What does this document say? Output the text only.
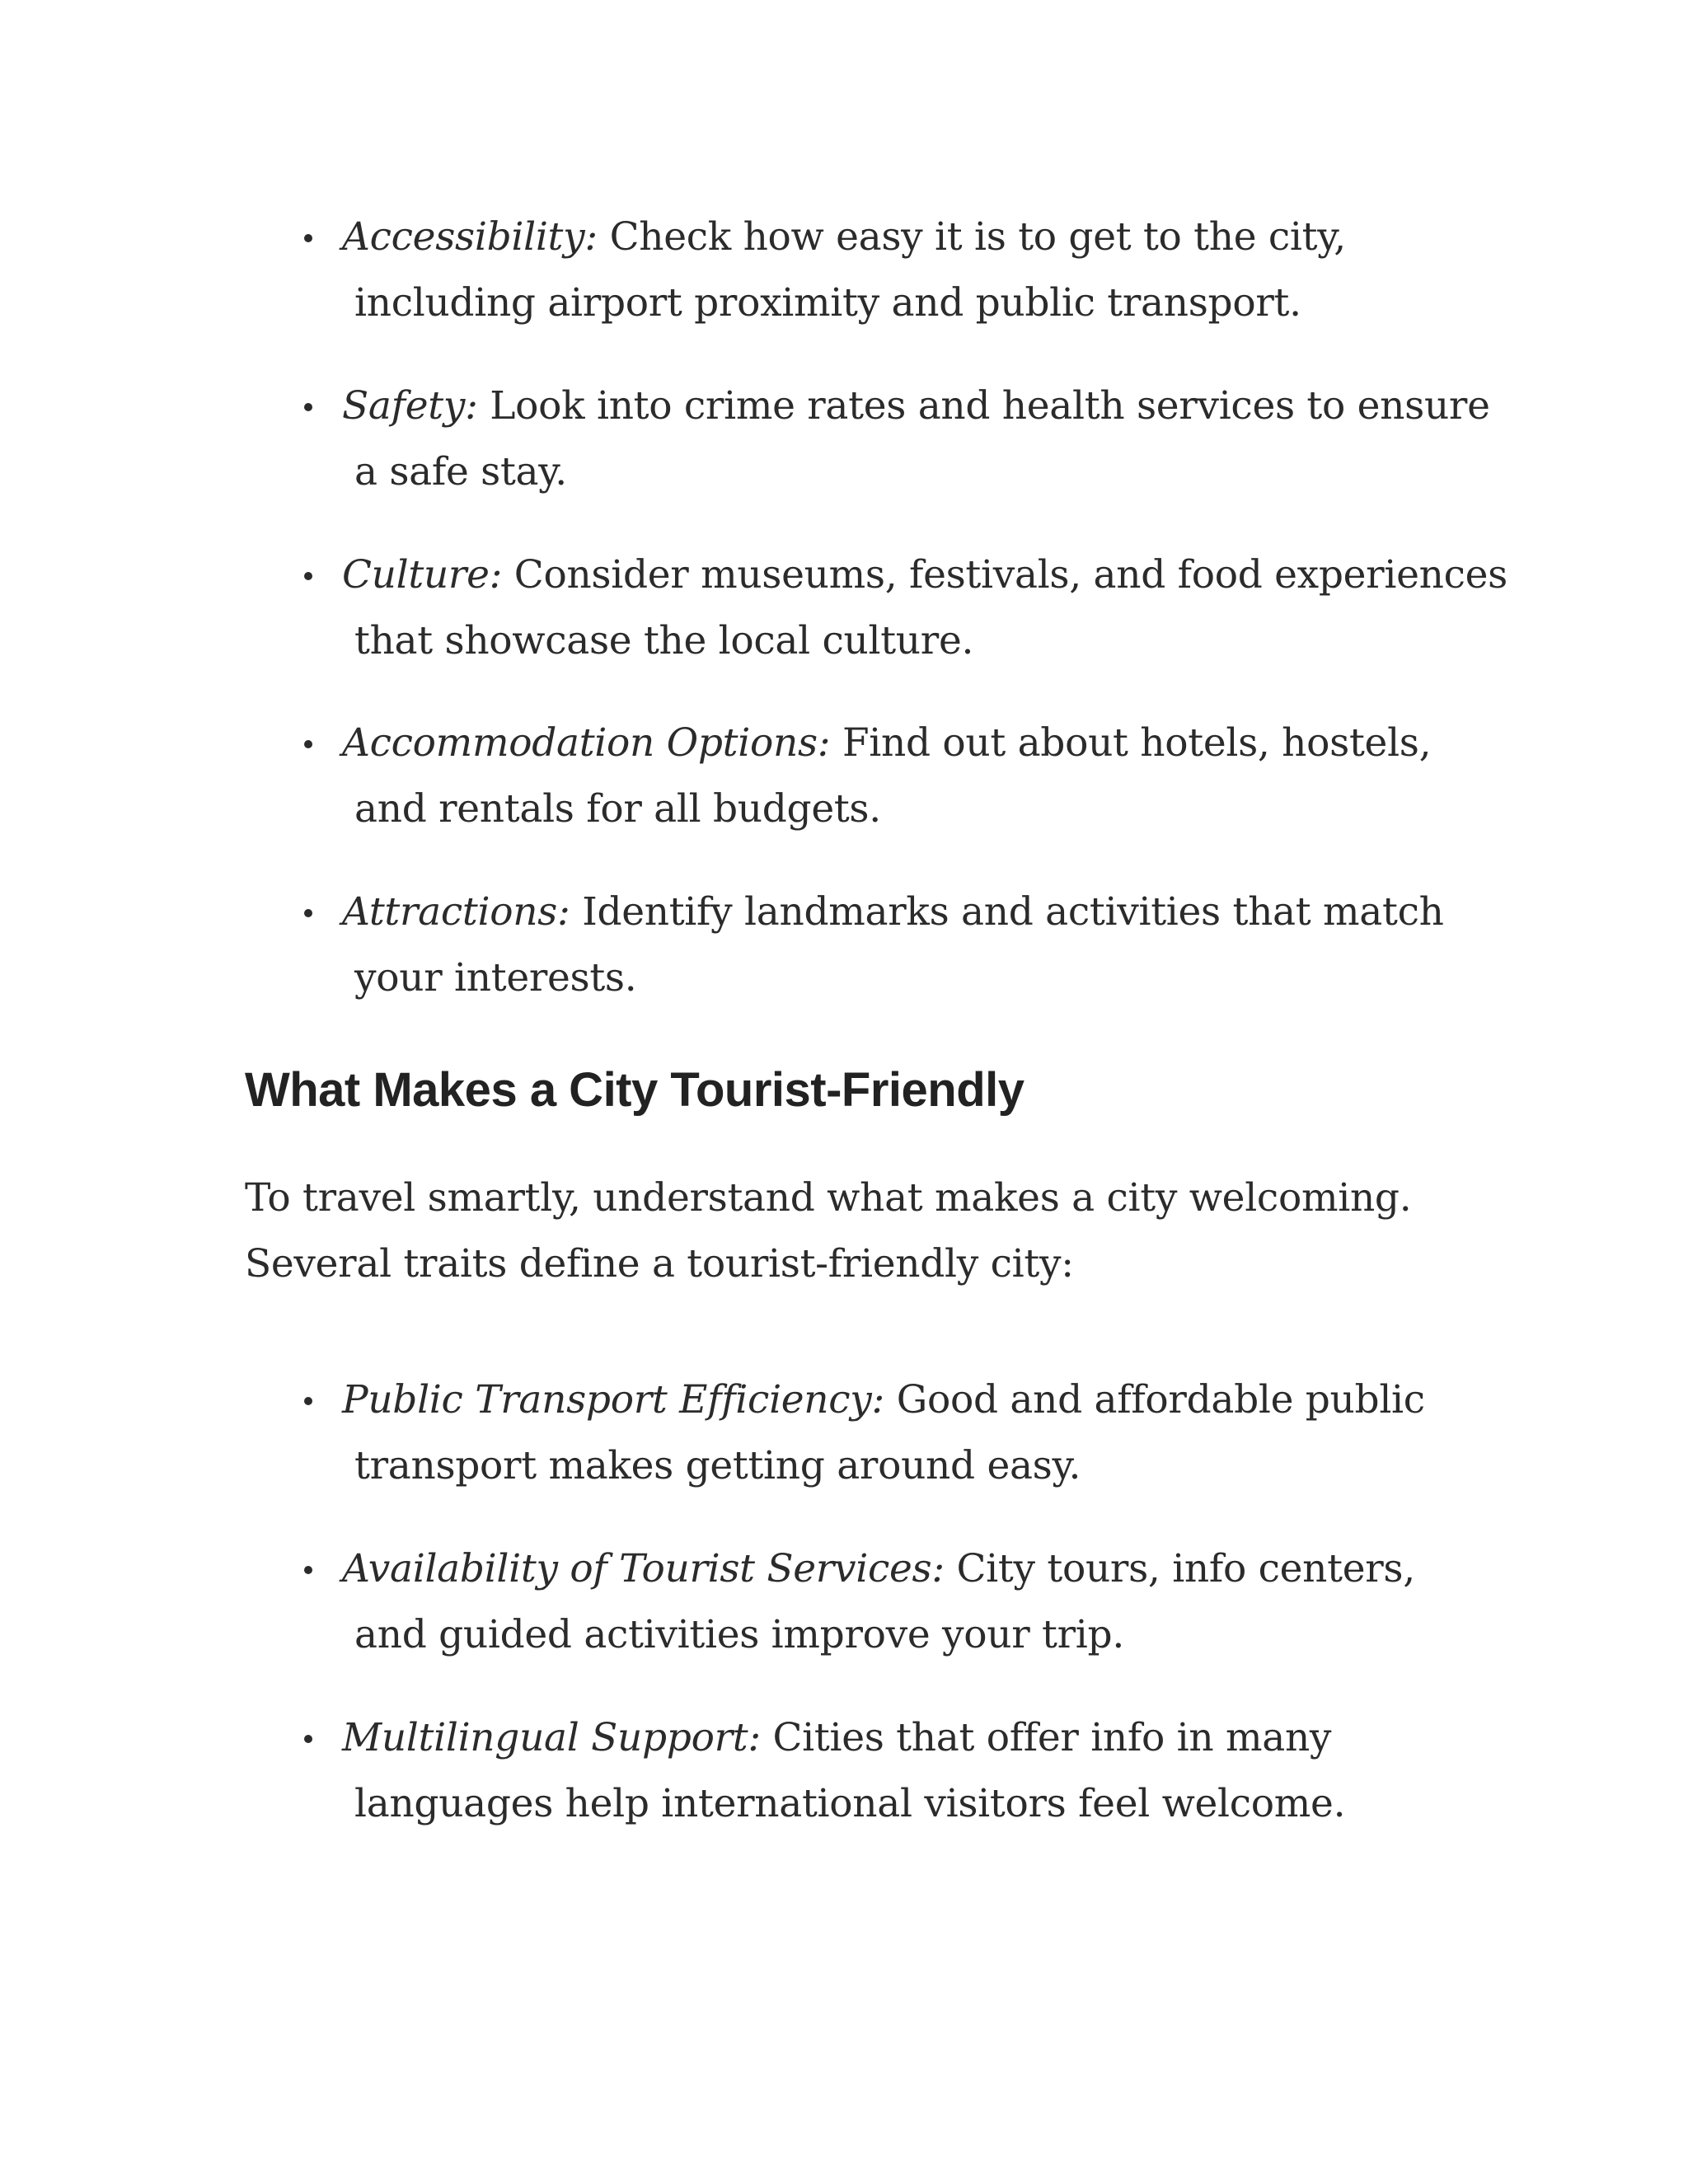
Accessibility: Check how easy it is to get to the city,
including airport proximity and public transport.
Safety: Look into crime rates and health services to ensure
a safe stay.
Culture: Consider museums, festivals, and food experiences
that showcase the local culture.
Accommodation Options: Find out about hotels, hostels,
and rentals for all budgets.
Attractions: Identify landmarks and activities that match
your interests.
What Makes a City Tourist-Friendly
To travel smartly, understand what makes a city welcoming.
Several traits define a tourist-friendly city:
Public Transport Efficiency: Good and affordable public
transport makes getting around easy.
Availability of Tourist Services: City tours, info centers,
and guided activities improve your trip.
Multilingual Support: Cities that offer info in many
languages help international visitors feel welcome.
